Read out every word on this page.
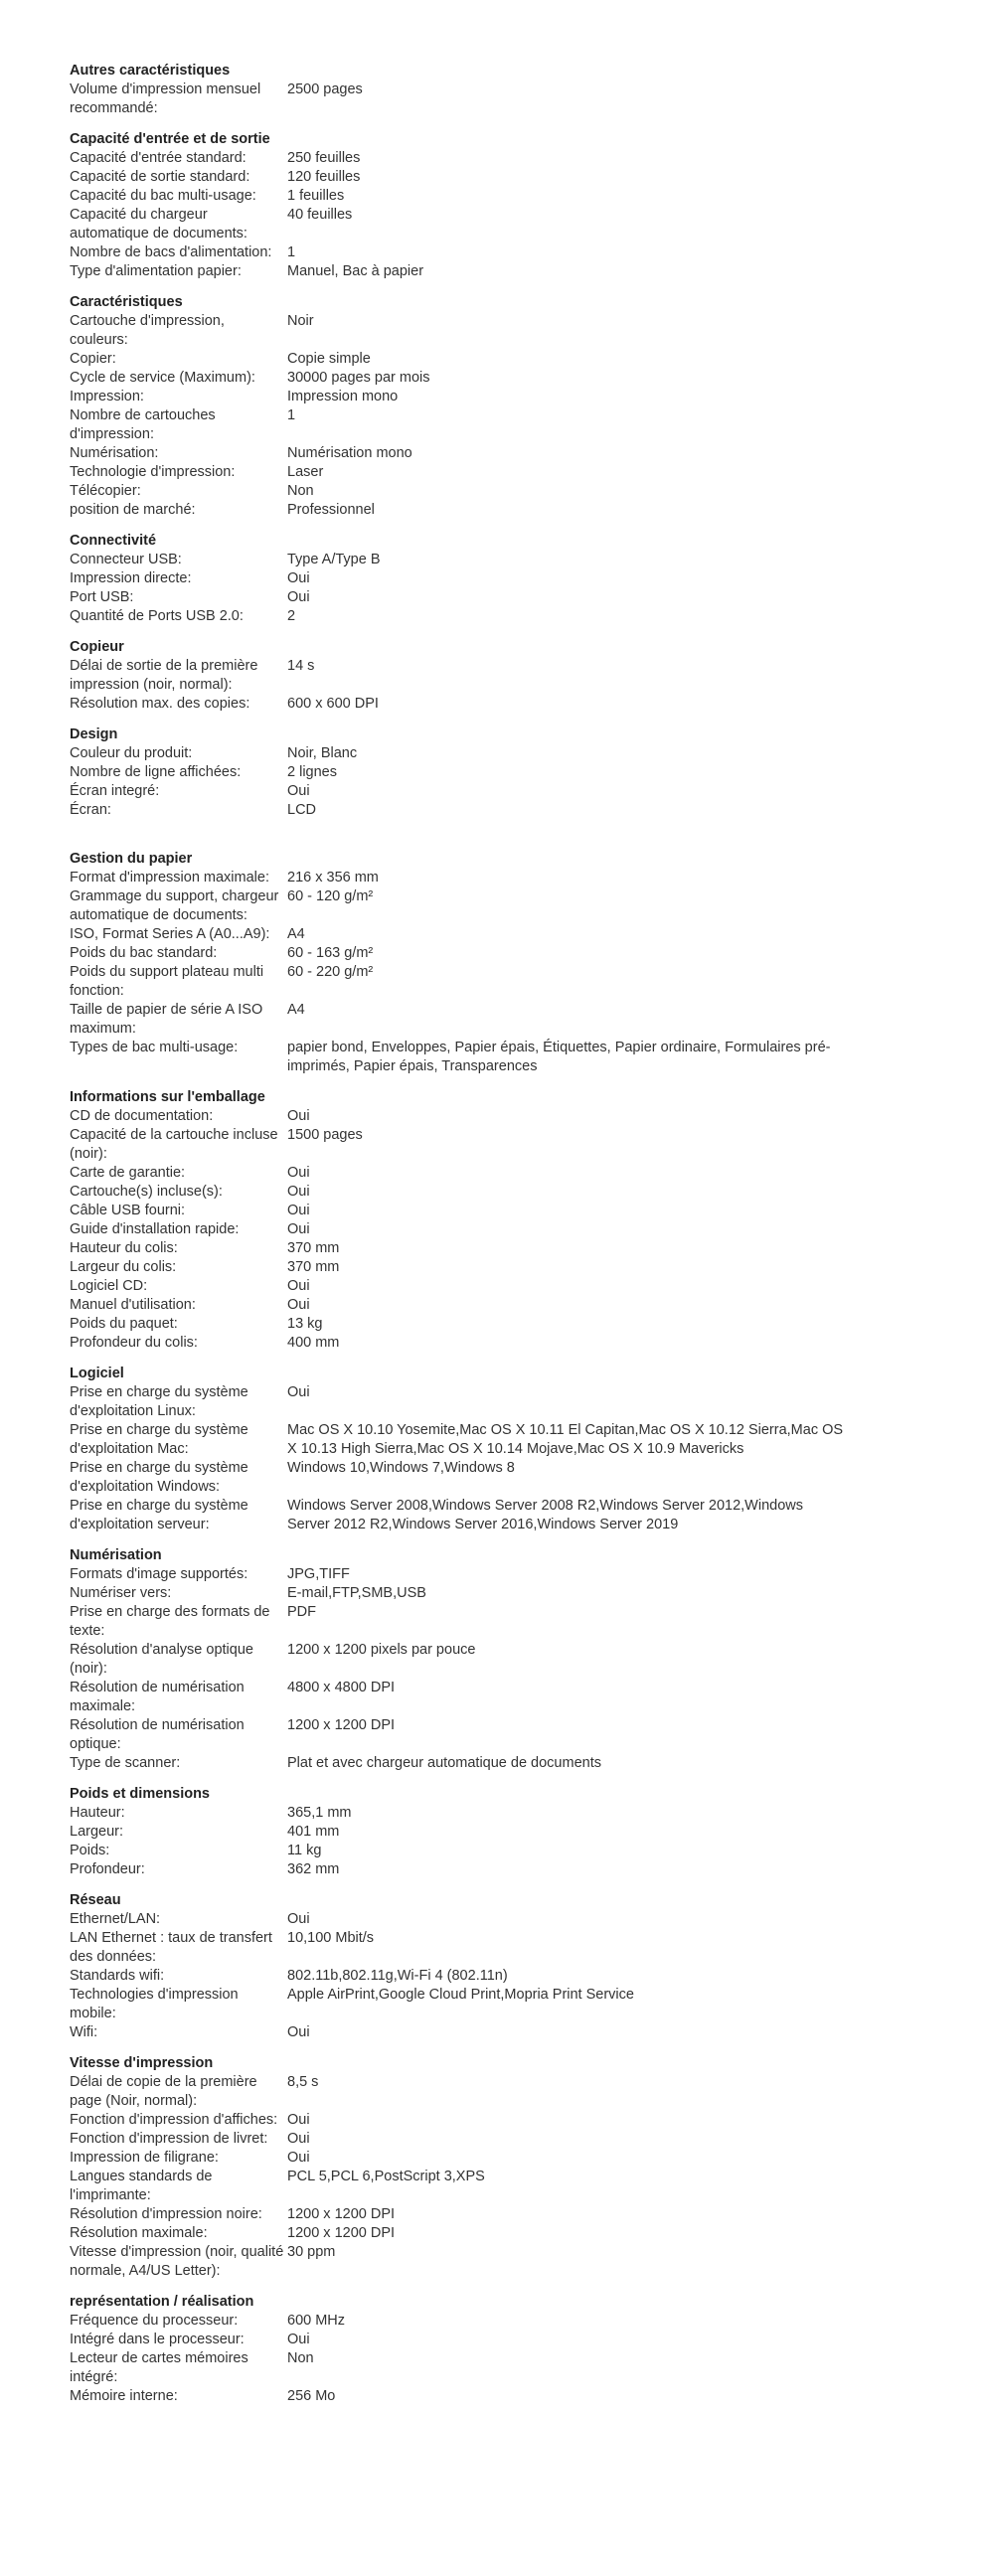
Autres caractéristiques
Volume d'impression mensuel recommandé:
2500 pages
Capacité d'entrée et de sortie
Capacité d'entrée standard:	250 feuilles
Capacité de sortie standard:	120 feuilles
Capacité du bac multi-usage:	1 feuilles
Capacité du chargeur automatique de documents:
40 feuilles
Nombre de bacs d'alimentation:	1
Type d'alimentation papier:	Manuel, Bac à papier
Caractéristiques
Cartouche d'impression, couleurs:
Noir
Copier:	Copie simple
Cycle de service (Maximum):	30000 pages par mois
Impression:	Impression mono
Nombre de cartouches d'impression:
1
Numérisation:	Numérisation mono
Technologie d'impression:	Laser
Télécopier:	Non
position de marché:	Professionnel
Connectivité
Connecteur USB:	Type A/Type B
Impression directe:	Oui
Port USB:	Oui
Quantité de Ports USB 2.0:	2
Copieur
Délai de sortie de la première impression (noir, normal):
14 s
Résolution max. des copies:	600 x 600 DPI
Design
Couleur du produit:	Noir, Blanc
Nombre de ligne affichées:	2 lignes
Écran integré:	Oui
Écran:	LCD
Gestion du papier
Format d'impression maximale:	216 x 356 mm
Grammage du support, chargeur automatique de documents:
60 - 120 g/m²
ISO, Format Series A (A0...A9):	A4
Poids du bac standard:	60 - 163 g/m²
Poids du support plateau multi fonction:
60 - 220 g/m²
Taille de papier de série A ISO maximum:
A4
Types de bac multi-usage:	papier bond, Enveloppes, Papier épais, Étiquettes, Papier ordinaire, Formulaires pré-imprimés, Papier épais, Transparences
Informations sur l'emballage
CD de documentation:	Oui
Capacité de la cartouche incluse (noir):
1500 pages
Carte de garantie:	Oui
Cartouche(s) incluse(s):	Oui
Câble USB fourni:	Oui
Guide d'installation rapide:	Oui
Hauteur du colis:	370 mm
Largeur du colis:	370 mm
Logiciel CD:	Oui
Manuel d'utilisation:	Oui
Poids du paquet:	13 kg
Profondeur du colis:	400 mm
Logiciel
Prise en charge du système d'exploitation Linux:
Oui
Prise en charge du système d'exploitation Mac:
Mac OS X 10.10 Yosemite,Mac OS X 10.11 El Capitan,Mac OS X 10.12 Sierra,Mac OS X 10.13 High Sierra,Mac OS X 10.14 Mojave,Mac OS X 10.9 Mavericks
Prise en charge du système d'exploitation Windows:
Windows 10,Windows 7,Windows 8
Prise en charge du système d'exploitation serveur:
Windows Server 2008,Windows Server 2008 R2,Windows Server 2012,Windows Server 2012 R2,Windows Server 2016,Windows Server 2019
Numérisation
Formats d'image supportés:	JPG,TIFF
Numériser vers:	E-mail,FTP,SMB,USB
Prise en charge des formats de texte:
PDF
Résolution d'analyse optique (noir):
1200 x 1200 pixels par pouce
Résolution de numérisation maximale:
4800 x 4800 DPI
Résolution de numérisation optique:
1200 x 1200 DPI
Type de scanner:	Plat et avec chargeur automatique de documents
Poids et dimensions
Hauteur:	365,1 mm
Largeur:	401 mm
Poids:	11 kg
Profondeur:	362 mm
Réseau
Ethernet/LAN:	Oui
LAN Ethernet : taux de transfert des données:
10,100 Mbit/s
Standards wifi:	802.11b,802.11g,Wi-Fi 4 (802.11n)
Technologies d'impression mobile:
Apple AirPrint,Google Cloud Print,Mopria Print Service
Wifi:	Oui
Vitesse d'impression
Délai de copie de la première page (Noir, normal):
8,5 s
Fonction d'impression d'affiches: Oui
Fonction d'impression de livret:	Oui
Impression de filigrane:	Oui
Langues standards de l'imprimante:
PCL 5,PCL 6,PostScript 3,XPS
Résolution d'impression noire:	1200 x 1200 DPI
Résolution maximale:	1200 x 1200 DPI
Vitesse d'impression (noir, qualité normale, A4/US Letter):
30 ppm
représentation / réalisation
Fréquence du processeur:	600 MHz
Intégré dans le processeur:	Oui
Lecteur de cartes mémoires intégré:
Non
Mémoire interne:	256 Mo
